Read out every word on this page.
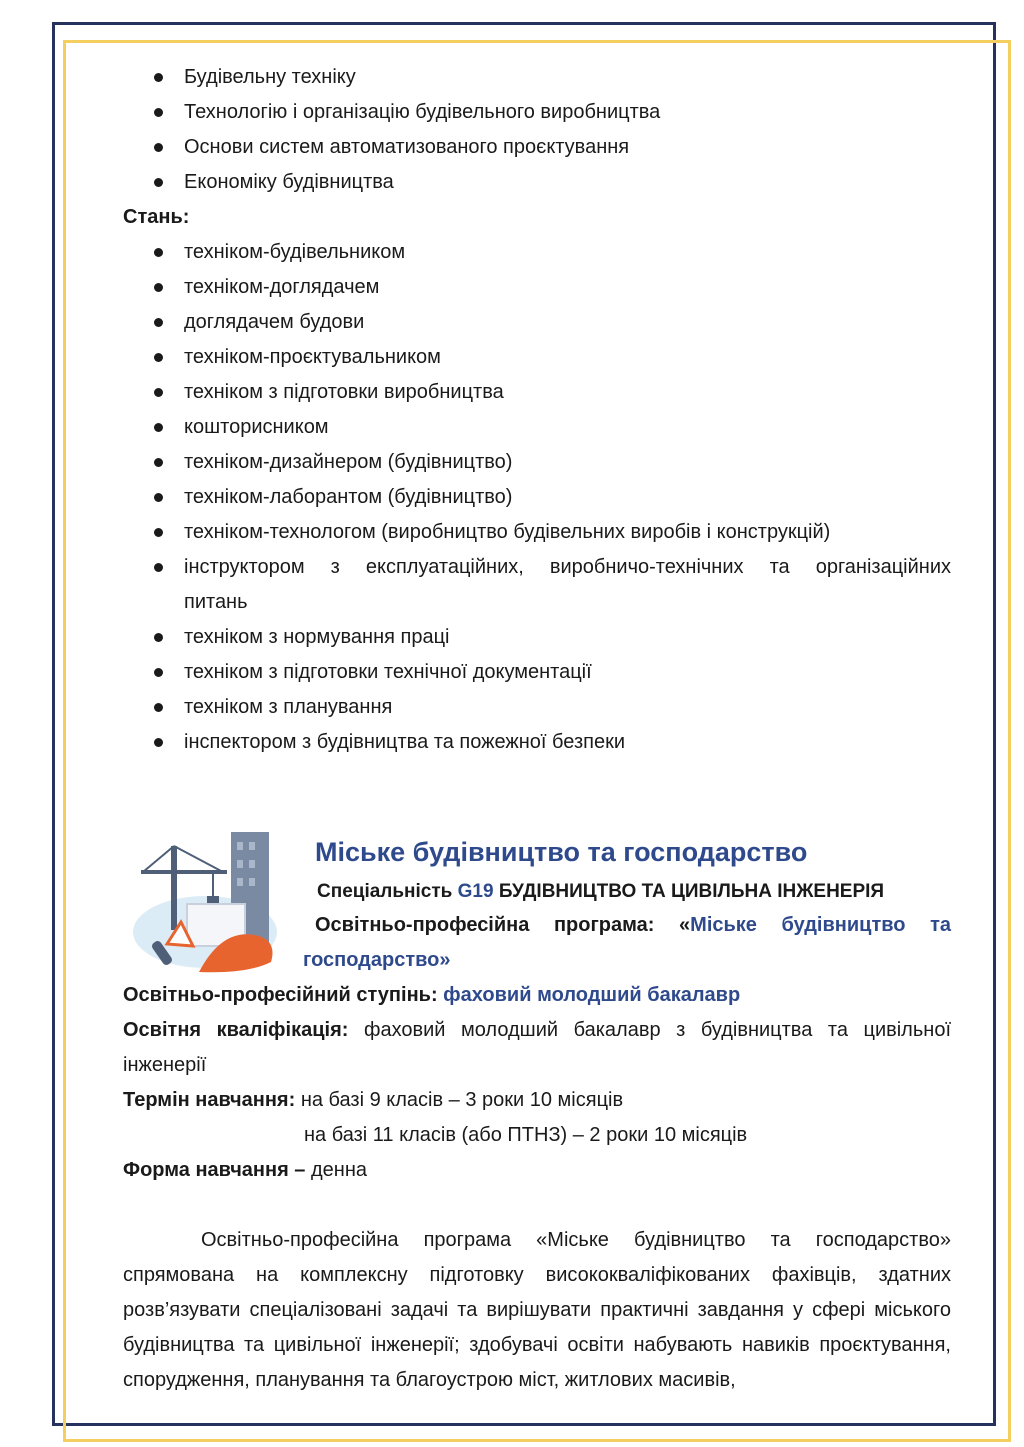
Будівельну техніку
Технологію і організацію будівельного виробництва
Основи систем автоматизованого проєктування
Економіку будівництва
Стань:
техніком-будівельником
техніком-доглядачем
доглядачем будови
техніком-проєктувальником
техніком з підготовки виробництва
кошторисником
техніком-дизайнером (будівництво)
техніком-лаборантом (будівництво)
техніком-технологом (виробництво будівельних виробів і конструкцій)
інструктором з експлуатаційних, виробничо-технічних та організаційних
питань
техніком з нормування праці
техніком з підготовки технічної документації
техніком з планування
інспектором з будівництва та пожежної безпеки
Міське будівництво та господарство
Спеціальність G19 БУДІВНИЦТВО ТА ЦИВІЛЬНА ІНЖЕНЕРІЯ
Освітньо-професійна програма: «Міське будівництво та
господарство»
Освітньо-професійний ступінь: фаховий молодший бакалавр
Освітня кваліфікація: фаховий молодший бакалавр з будівництва та цивільної
інженерії
Термін навчання: на базі 9 класів – 3 роки 10 місяців
на базі 11 класів (або ПТНЗ) – 2 роки 10 місяців
Форма навчання – денна
Освітньо-професійна програма «Міське будівництво та господарство» спрямована на комплексну підготовку висококваліфікованих фахівців, здатних розв’язувати спеціалізовані задачі та вирішувати практичні завдання у сфері міського будівництва та цивільної інженерії; здобувачі освіти набувають навиків проєктування, спорудження, планування та благоустрою міст, житлових масивів,
